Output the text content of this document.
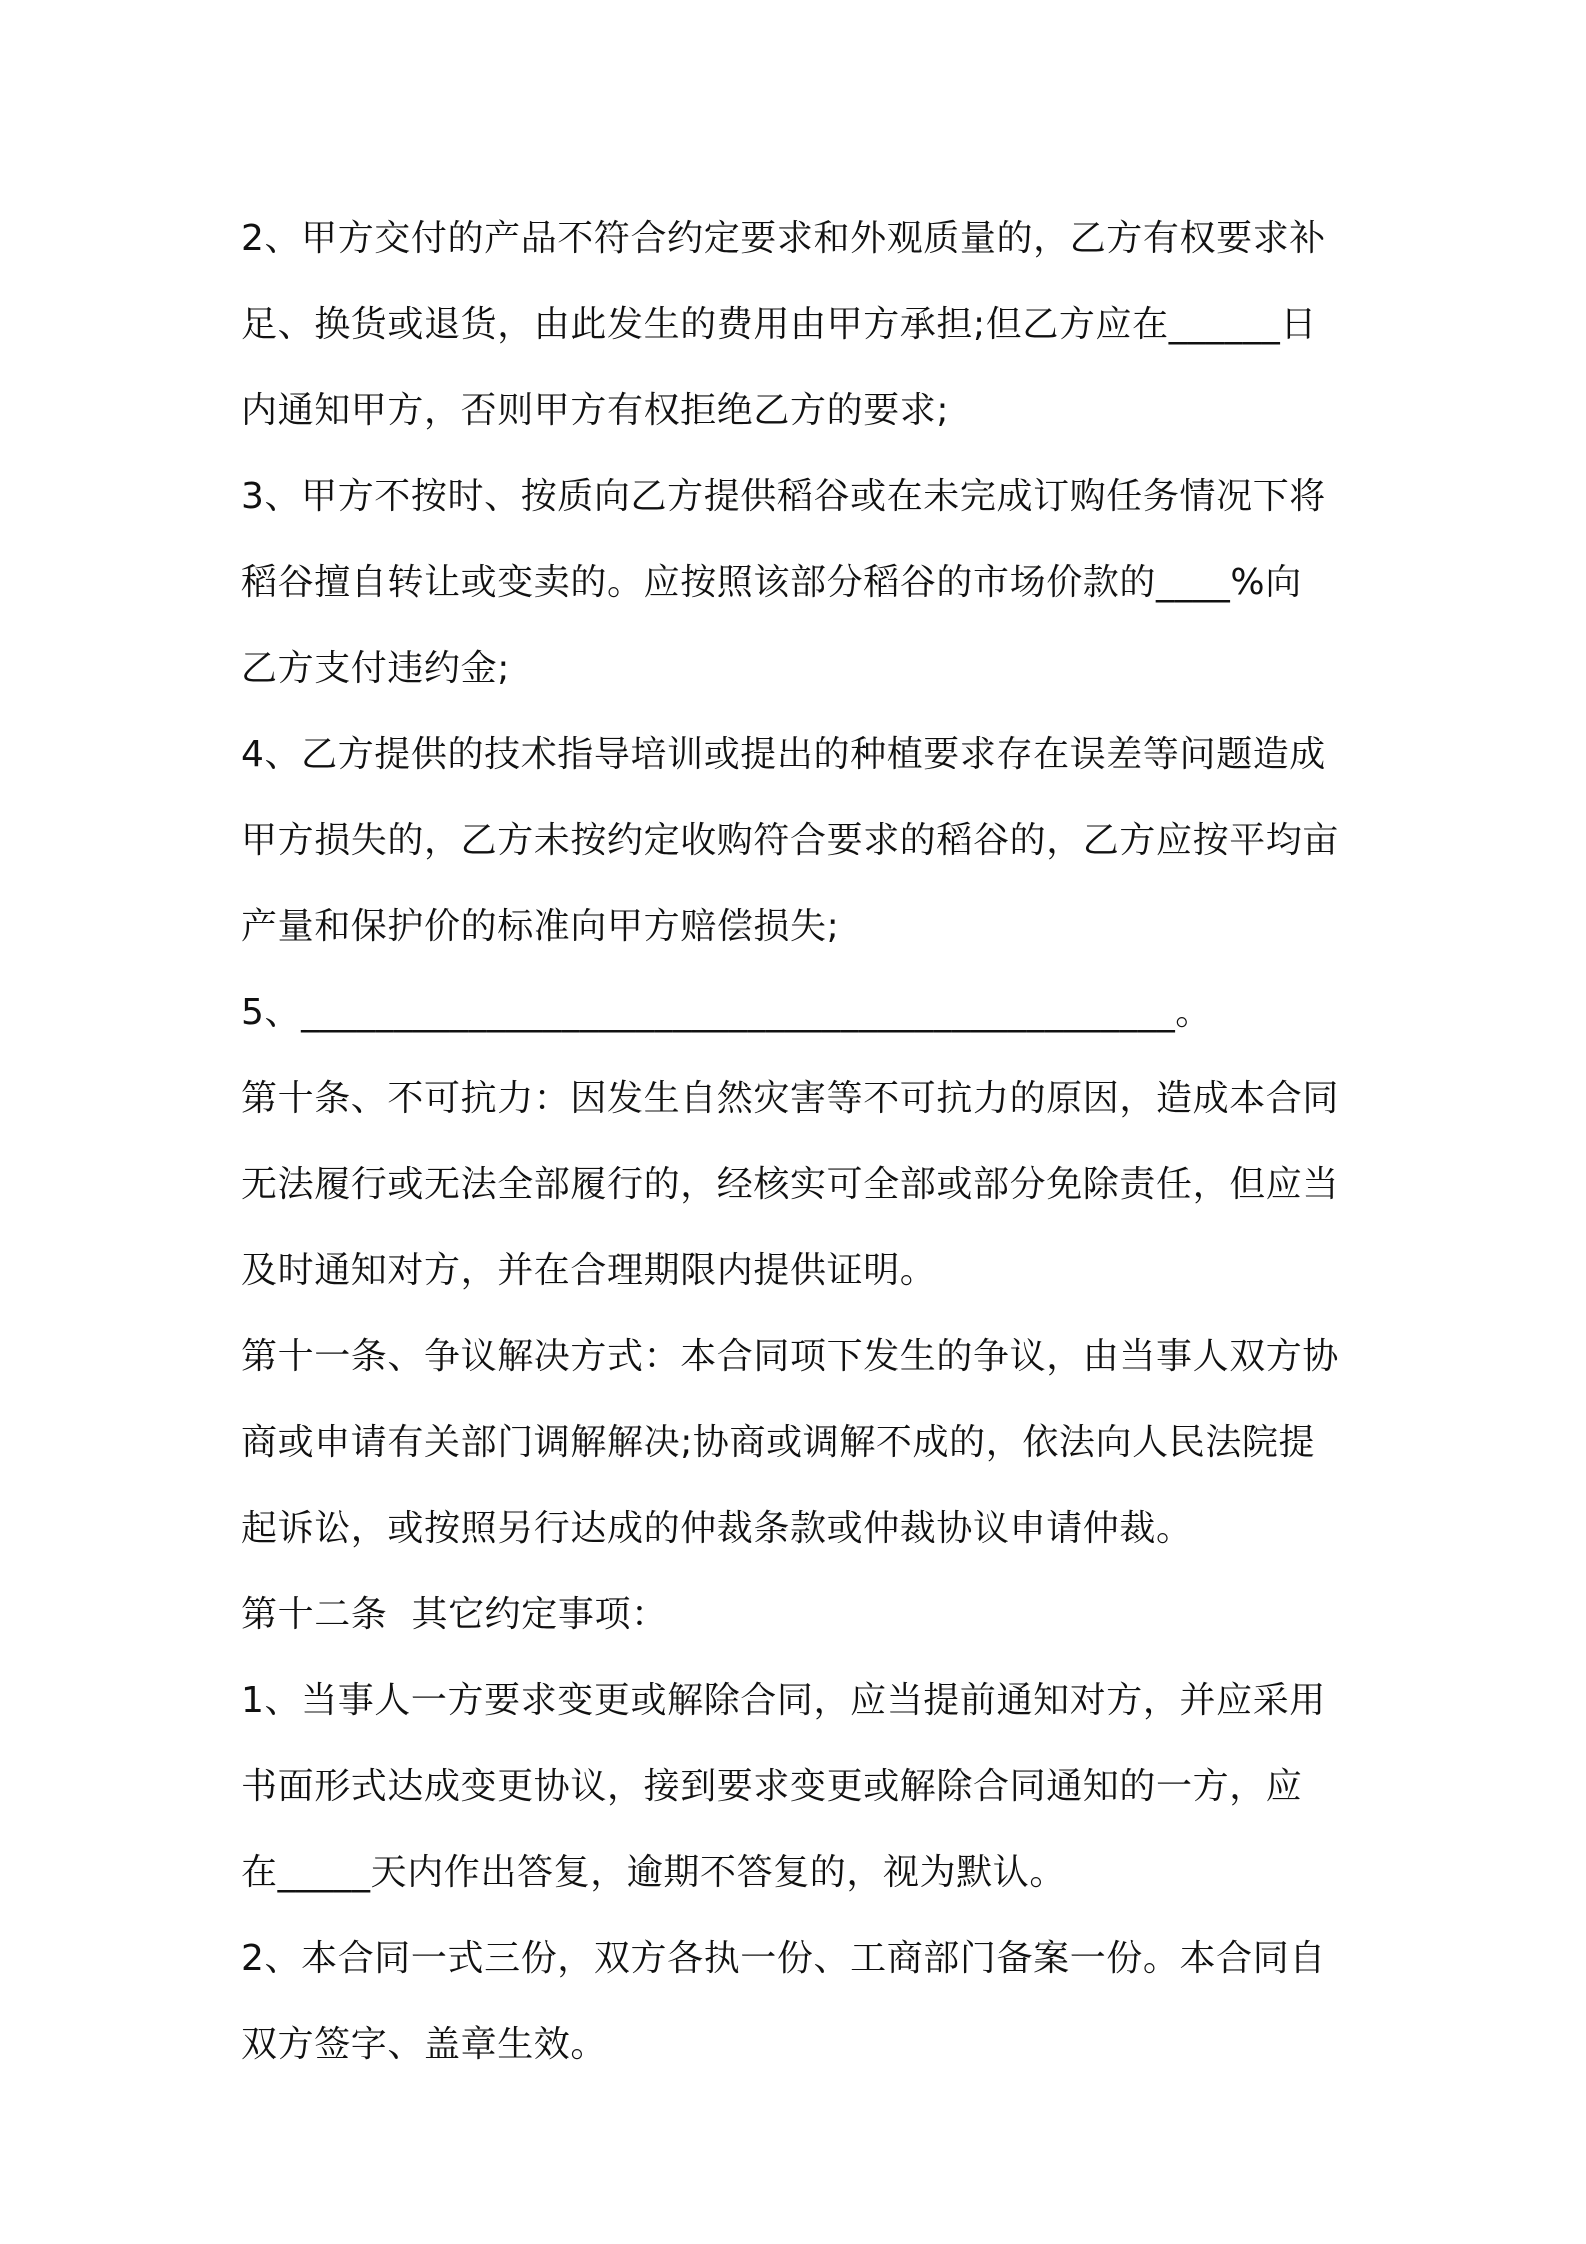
2、甲方交付的产品不符合约定要求和外观质量的，乙方有权要求补
足、换货或退货，由此发生的费用由甲方承担;但乙方应在______日
内通知甲方，否则甲方有权拒绝乙方的要求;
3、甲方不按时、按质向乙方提供稻谷或在未完成订购任务情况下将
稻谷擅自转让或变卖的。应按照该部分稻谷的市场价款的____%向
乙方支付违约金;
4、乙方提供的技术指导培训或提出的种植要求存在误差等问题造成
甲方损失的，乙方未按约定收购符合要求的稻谷的，乙方应按平均亩
产量和保护价的标准向甲方赔偿损失;
5、_______________________________________________。
第十条、不可抗力：因发生自然灾害等不可抗力的原因，造成本合同
无法履行或无法全部履行的，经核实可全部或部分免除责任，但应当
及时通知对方，并在合理期限内提供证明。
第十一条、争议解决方式：本合同项下发生的争议，由当事人双方协
商或申请有关部门调解解决;协商或调解不成的，依法向人民法院提
起诉讼，或按照另行达成的仲裁条款或仲裁协议申请仲裁。
第十二条  其它约定事项：
1、当事人一方要求变更或解除合同，应当提前通知对方，并应采用
书面形式达成变更协议，接到要求变更或解除合同通知的一方，应
在_____天内作出答复，逾期不答复的，视为默认。
2、本合同一式三份，双方各执一份、工商部门备案一份。本合同自
双方签字、盖章生效。
